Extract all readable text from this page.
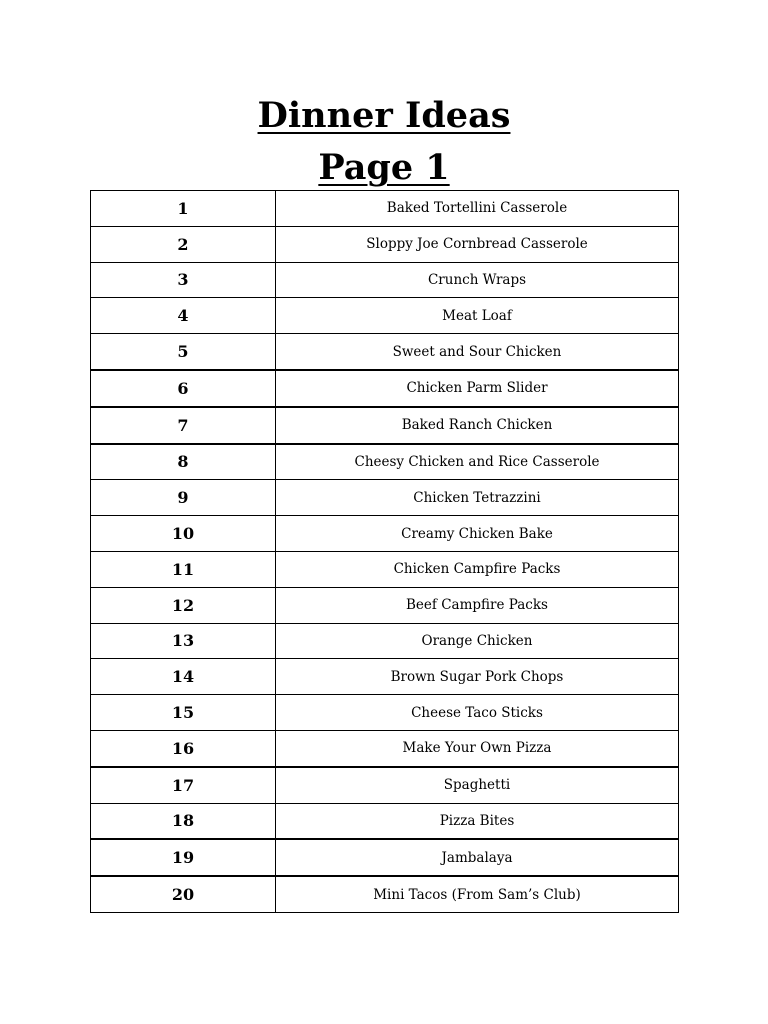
Dinner Ideas
Page 1
1	Baked Tortellini Casserole
2	Sloppy Joe Cornbread Casserole
3	Crunch Wraps
4	Meat Loaf
5	Sweet and Sour Chicken
6	Chicken Parm Slider
7	Baked Ranch Chicken
8	Cheesy Chicken and Rice Casserole
9	Chicken Tetrazzini
10	Creamy Chicken Bake
11	Chicken Campfire Packs
12	Beef Campfire Packs
13	Orange Chicken
14	Brown Sugar Pork Chops
15	Cheese Taco Sticks
16	Make Your Own Pizza
17	Spaghetti
18	Pizza Bites
19	Jambalaya
20	Mini Tacos (From Sam’s Club)
